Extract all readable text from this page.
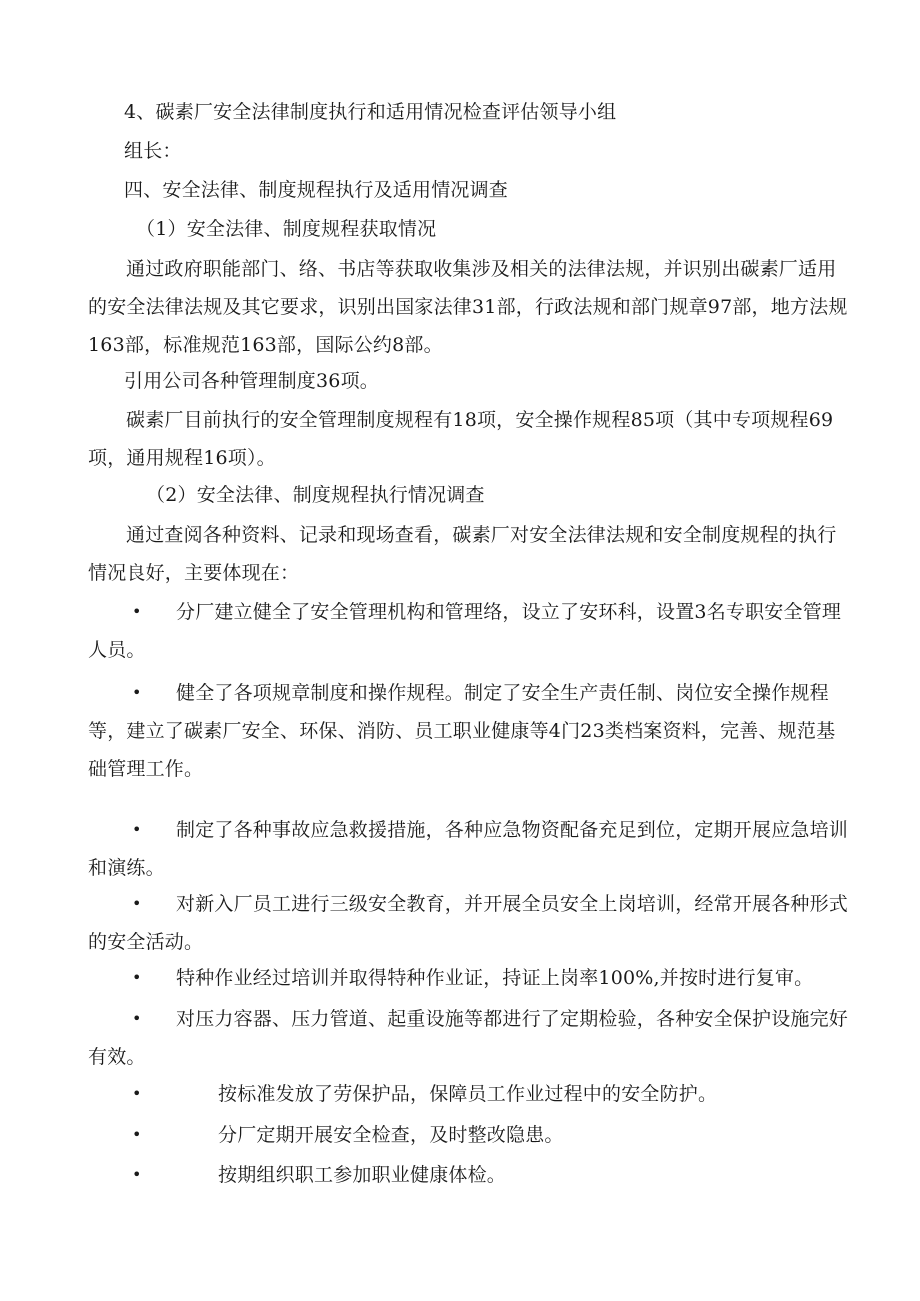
4、碳素厂安全法律制度执行和适用情况检查评估领导小组
组长：
四、安全法律、制度规程执行及适用情况调查
（1）安全法律、制度规程获取情况
通过政府职能部门、络、书店等获取收集涉及相关的法律法规，并识别出碳素厂适用的安全法律法规及其它要求，识别出国家法律31部，行政法规和部门规章97部，地方法规163部，标准规范163部，国际公约8部。
引用公司各种管理制度36项。
碳素厂目前执行的安全管理制度规程有18项，安全操作规程85项（其中专项规程69项，通用规程16项）。
（2）安全法律、制度规程执行情况调查
通过查阅各种资料、记录和现场查看，碳素厂对安全法律法规和安全制度规程的执行情况良好，主要体现在：
•	分厂建立健全了安全管理机构和管理络，设立了安环科，设置3名专职安全管理人员。
•	健全了各项规章制度和操作规程。制定了安全生产责任制、岗位安全操作规程等，建立了碳素厂安全、环保、消防、员工职业健康等4门23类档案资料，完善、规范基础管理工作。
•	制定了各种事故应急救援措施，各种应急物资配备充足到位，定期开展应急培训和演练。
•	对新入厂员工进行三级安全教育，并开展全员安全上岗培训，经常开展各种形式的安全活动。
•	特种作业经过培训并取得特种作业证，持证上岗率100%,并按时进行复审。
•	对压力容器、压力管道、起重设施等都进行了定期检验，各种安全保护设施完好有效。
•	按标准发放了劳保护品，保障员工作业过程中的安全防护。
•	分厂定期开展安全检查，及时整改隐患。
•	按期组织职工参加职业健康体检。
